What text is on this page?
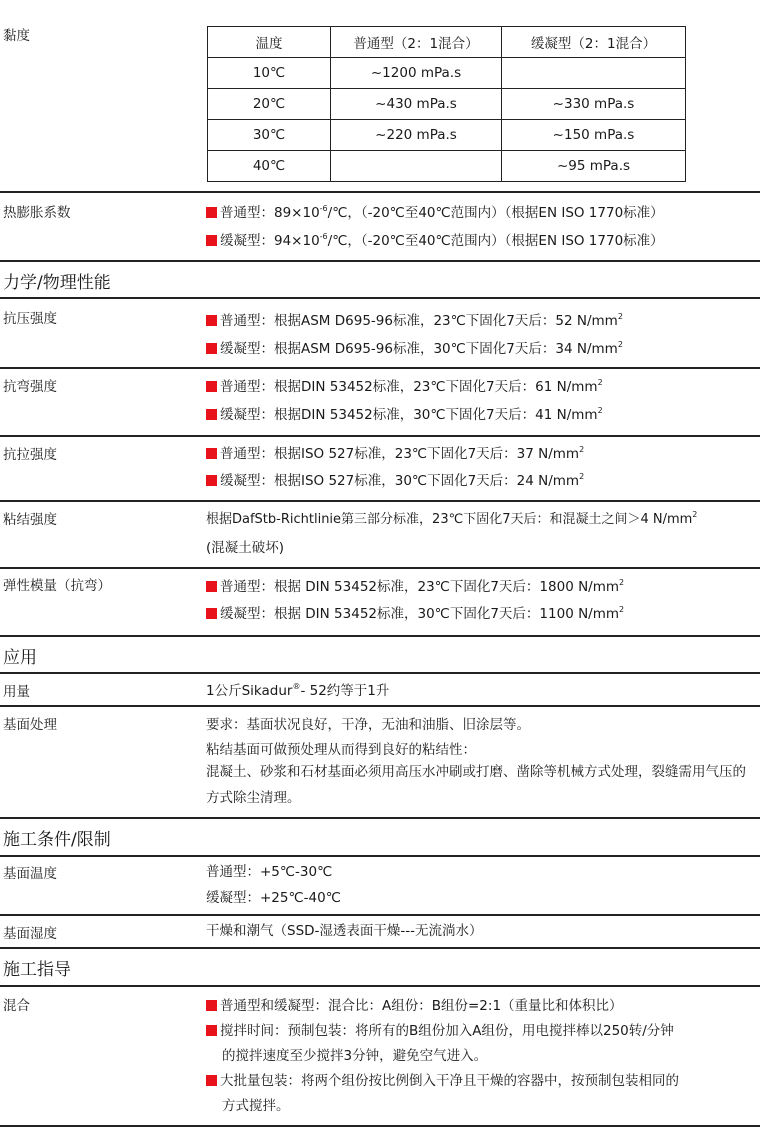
黏度	温度	普通型（2：1混合）	缓凝型（2：1混合）
10℃	~1200 mPa.s	
20℃	~430 mPa.s	~330 mPa.s
30℃	~220 mPa.s	~150 mPa.s
40℃		~95 mPa.s
热膨胀系数	普通型：$89\times 10^{-6}/℃$，（-20℃至40℃范围内）（根据EN ISO 1770标准）
缓凝型：$94\times 10^{-6}/℃$，（-20℃至40℃范围内）（根据EN ISO 1770标准）
力学/物理性能
抗压强度	普通型：根据ASM D695-96标准，23℃下固化7天后：52 $N/mm^2$
缓凝型：根据ASM D695-96标准，30℃下固化7天后：34 $N/mm^2$
抗弯强度	普通型：根据DIN 53452标准，23℃下固化7天后：61 $N/mm^2$
缓凝型：根据DIN 53452标准，30℃下固化7天后：41 $N/mm^2$
抗拉强度	普通型：根据ISO 527标准，23℃下固化7天后：37 $N/mm^2$
缓凝型：根据ISO 527标准，30℃下固化7天后：24 $N/mm^2$
粘结强度	根据DafStb-Richtlinie第三部分标准，23℃下固化7天后：和混凝土之间＞4 $N/mm^2$
(混凝土破坏)
弹性模量（抗弯）	普通型：根据 DIN 53452标准，23℃下固化7天后：1800 $N/mm^2$
缓凝型：根据 DIN 53452标准，30℃下固化7天后：1100 $N/mm^2$
应用
用量	1公斤Sikadur®- 52约等于1升
基面处理	要求：基面状况良好，干净，无油和油脂、旧涂层等。
粘结基面可做预处理从而得到良好的粘结性：
混凝土、砂浆和石材基面必须用高压水冲刷或打磨、凿除等机械方式处理，裂缝需用气压的方式除尘清理。
施工条件/限制
基面温度	普通型：+5℃-30℃
缓凝型：+25℃-40℃
基面湿度	干燥和潮气（SSD-湿透表面干燥---无流淌水）
施工指导
混合	普通型和缓凝型：混合比：A组份：B组份=2:1（重量比和体积比）
搅拌时间：预制包装：将所有的B组份加入A组份，用电搅拌棒以250转/分钟
的搅拌速度至少搅拌3分钟，避免空气进入。
大批量包装：将两个组份按比例倒入干净且干燥的容器中，按预制包装相同的
方式搅拌。
